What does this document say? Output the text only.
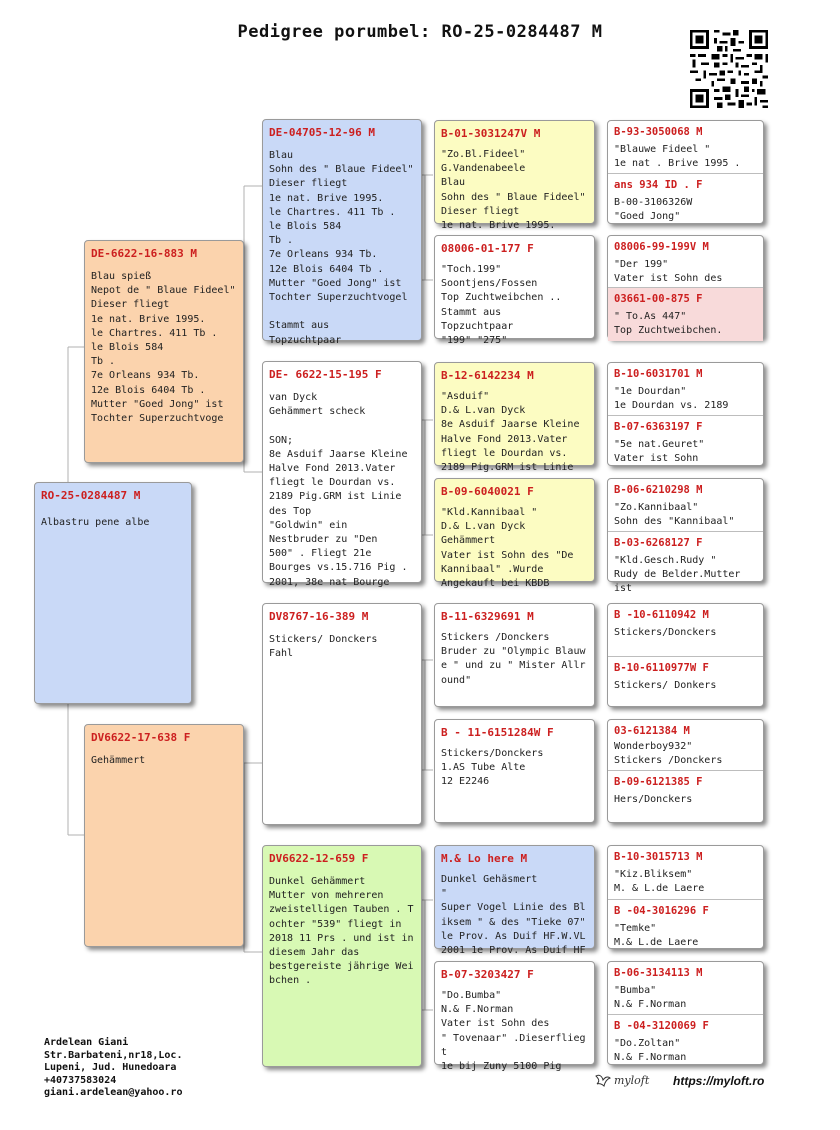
Pedigree porumbel: RO-25-0284487 M
RO-25-0284487 M
Albastru pene albe
DE-6622-16-883 M
Blau spieß
Nepot de " Blaue Fideel"
Dieser fliegt
1e nat. Brive 1995.
le Chartres. 411 Tb .
le Blois 584
Tb .
7e Orleans 934 Tb.
12e Blois 6404 Tb .
Mutter "Goed Jong" ist
Tochter Superzuchtvoge
DV6622-17-638 F
Gehämmert
DE-04705-12-96 M
Blau
Sohn des " Blaue Fideel"
Dieser fliegt
1e nat. Brive 1995.
le Chartres. 411 Tb .
le Blois 584
Tb .
7e Orleans 934 Tb.
12e Blois 6404 Tb .
Mutter "Goed Jong" ist
Tochter Superzuchtvogel

Stammt aus
Topzuchtpaar
DE- 6622-15-195 F
van Dyck
Gehämmert scheck

SON;
8e Asduif Jaarse Kleine
Halve Fond 2013.Vater
fliegt le Dourdan vs.
2189 Pig.GRM ist Linie
des Top
"Goldwin" ein
Nestbruder zu "Den
500" . Fliegt 21e
Bourges vs.15.716 Pig .
2001, 38e nat Bourge
DV8767-16-389 M
Stickers/ Donckers
Fahl
DV6622-12-659 F
Dunkel Gehämmert
Mutter von mehreren
zweistelligen Tauben . T
ochter "539" fliegt in
2018 11 Prs . und ist in
diesem Jahr das
bestgereiste jährige Wei
bchen .
B-01-3031247V M
"Zo.Bl.Fideel"
G.Vandenabeele
Blau
Sohn des " Blaue Fideel"
Dieser fliegt
1e nat. Brive 1995.
08006-01-177 F
"Toch.199"
Soontjens/Fossen
Top Zuchtweibchen ..
Stammt aus
Topzuchtpaar
"199" "275"
B-12-6142234 M
"Asduif"
D.& L.van Dyck
8e Asduif Jaarse Kleine
Halve Fond 2013.Vater
fliegt le Dourdan vs.
2189 Pig.GRM ist Linie
B-09-6040021 F
"Kld.Kannibaal "
D.& L.van Dyck
Gehämmert
Vater ist Sohn des "De
Kannibaal" .Wurde
Angekauft bei KBDB
B-11-6329691 M
Stickers /Donckers
Bruder zu "Olympic Blauw
e " und zu " Mister Allr
ound"
B - 11-6151284W F
Stickers/Donckers
1.AS Tube Alte
12 E2246
M.& Lo here M
Dunkel Gehäsmert
"
Super Vogel Linie des Bl
iksem " & des "Tieke 07"
le Prov. As Duif HF.W.VL
2001 1e Prov. As Duif HF
B-07-3203427 F
"Do.Bumba"
N.& F.Norman
Vater ist Sohn des
" Tovenaar" .Dieserflieg
t
1e bij Zuny 5100 Pig
B-93-3050068 M
"Blauwe Fideel "
1e nat . Brive 1995 .
ans 934 ID . F
B-00-3106326W
"Goed Jong"
08006-99-199V M
"Der 199"
Vater ist Sohn des
03661-00-875 F
" To.As 447"
Top Zuchtweibchen.
B-10-6031701 M
"1e Dourdan"
1e Dourdan vs. 2189
B-07-6363197 F
"5e nat.Geuret"
Vater ist Sohn
B-06-6210298 M
"Zo.Kannibaal"
Sohn des "Kannibaal"
B-03-6268127 F
"Kld.Gesch.Rudy "
Rudy de Belder.Mutter ist
B -10-6110942 M
Stickers/Donckers
B-10-6110977W F
Stickers/ Donkers
03-6121384 M
Wonderboy932"
Stickers /Donckers
B-09-6121385 F
Hers/Donckers
B-10-3015713 M
"Kiz.Bliksem"
M. & L.de Laere
B -04-3016296 F
"Temke"
M.& L.de Laere
B-06-3134113 M
"Bumba"
N.& F.Norman
B -04-3120069 F
"Do.Zoltan"
N.& F.Norman
Ardelean Giani
Str.Barbateni,nr18,Loc.
Lupeni, Jud. Hunedoara
+40737583024
giani.ardelean@yahoo.ro
myloft https://myloft.ro
